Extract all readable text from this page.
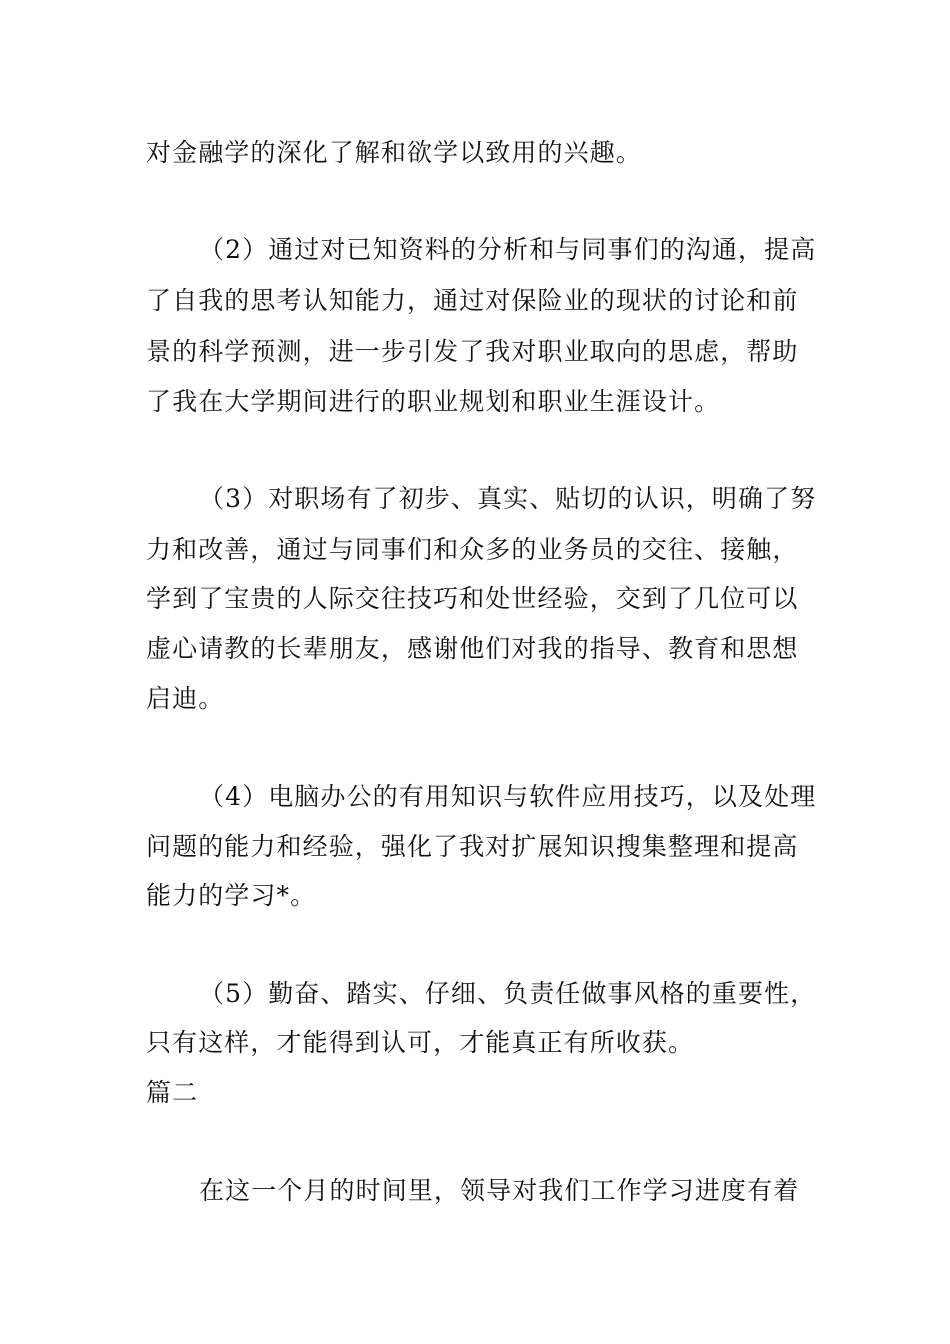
对金融学的深化了解和欲学以致用的兴趣。
（2）通过对已知资料的分析和与同事们的沟通，提高
了自我的思考认知能力，通过对保险业的现状的讨论和前
景的科学预测，进一步引发了我对职业取向的思虑，帮助
了我在大学期间进行的职业规划和职业生涯设计。
（3）对职场有了初步、真实、贴切的认识，明确了努
力和改善，通过与同事们和众多的业务员的交往、接触，
学到了宝贵的人际交往技巧和处世经验，交到了几位可以
虚心请教的长辈朋友，感谢他们对我的指导、教育和思想
启迪。
（4）电脑办公的有用知识与软件应用技巧，以及处理
问题的能力和经验，强化了我对扩展知识搜集整理和提高
能力的学习*。
（5）勤奋、踏实、仔细、负责任做事风格的重要性，
只有这样，才能得到认可，才能真正有所收获。
篇二
在这一个月的时间里，领导对我们工作学习进度有着
